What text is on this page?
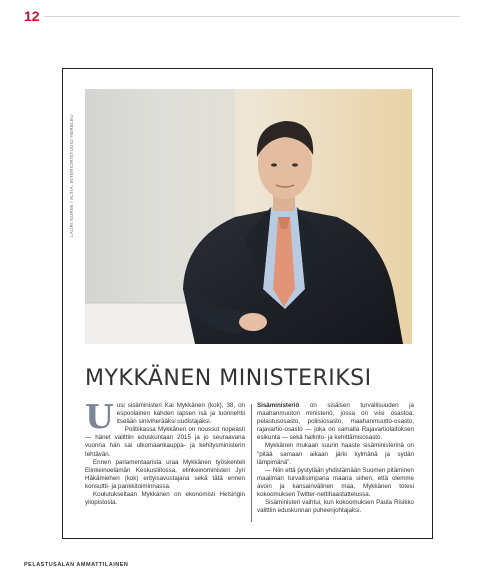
12
LAURI NURMI / ALTIA, INTERIOR/STUDIO HERBLEU
MYKKÄNEN MINISTERIKSI

Uusi sisäministeri Kai Mykkänen (kok), 38, on espoolainen kahden lapsen isä ja luonnehtii itseään siniviherääksi uudistajaksi.

Politiikassa Mykkänen on noussut nopeasti — hänet valittiin eduskuntaan 2015 ja jo seuraavana vuonna hän sai ulkomaankauppa- ja kehitysministerin tehtävän.

Ennen parlamentaarista uraa Mykkänen työskenteli Elinkeinoelämän Keskusliitossa, elinkeinoministeri Jyri Häkämiehen (kok) erityisavustajana sekä tätä ennen konsultti- ja pankkitoiminnassa.

Koulutukseltaan Mykkänen on ekonomisti Helsingin yliopistosta.

Sisäministeriö on sisäisen turvallisuuden ja maahanmuuton ministeriö, jossa on viisi osastoa: pelastusosasto, poliisiosasto, maahanmuutto-osasto, rajavartio-osasto — joka on samalla Rajavartiolaitoksen esikunta — sekä hallinto- ja kehittämisosasto.

Mykkänen mukaan suurin haaste sisäministerinä on "pitää samaan aikaan järki kylmänä ja sydän lämpimänä".

— Niin että pystytään yhdistämään Suomen pitäminen maailman turvallisimpana maana siihen, että olemme avoin ja kansainvälinen maa, Mykkänen totesi kokoomuksen Twitter-nettihaastattelussa.

Sisäministeri vaihtui, kun kokoomuksen Paula Risikko valittiin eduskunnan puheenjohtajaksi.

PELASTUSALAN AMMATTILAINEN
